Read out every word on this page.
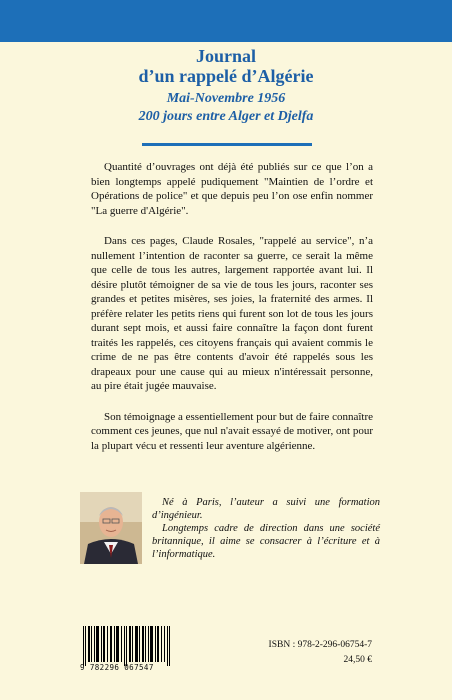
Journal
d’un rappelé d’Algérie
Mai-Novembre 1956
200 jours entre Alger et Djelfa

Quantité d’ouvrages ont déjà été publiés sur ce que l’on a bien longtemps appelé pudiquement "Maintien de l’ordre et Opérations de police" et que depuis peu l’on ose enfin nommer "La guerre d'Algérie".

Dans ces pages, Claude Rosales, "rappelé au service", n’a nullement l’intention de raconter sa guerre, ce serait la même que celle de tous les autres, largement rapportée avant lui. Il désire plutôt témoigner de sa vie de tous les jours, raconter ses grandes et petites misères, ses joies, la fraternité des armes. Il préfère relater les petits riens qui furent son lot de tous les jours durant sept mois, et aussi faire connaître la façon dont furent traités les rappelés, ces citoyens français qui avaient commis le crime de ne pas être contents d'avoir été rappelés sous les drapeaux pour une cause qui au mieux n'intéressait personne, au pire était jugée mauvaise.

Son témoignage a essentiellement pour but de faire connaître comment ces jeunes, que nul n'avait essayé de motiver, ont pour la plupart vécu et ressenti leur aventure algérienne.

Né à Paris, l’auteur a suivi une formation d’ingénieur.

Longtemps cadre de direction dans une société britannique, il aime se consacrer à l’écriture et à l’informatique.

9 782296 067547
ISBN : 978-2-296-06754-7
24,50 €
